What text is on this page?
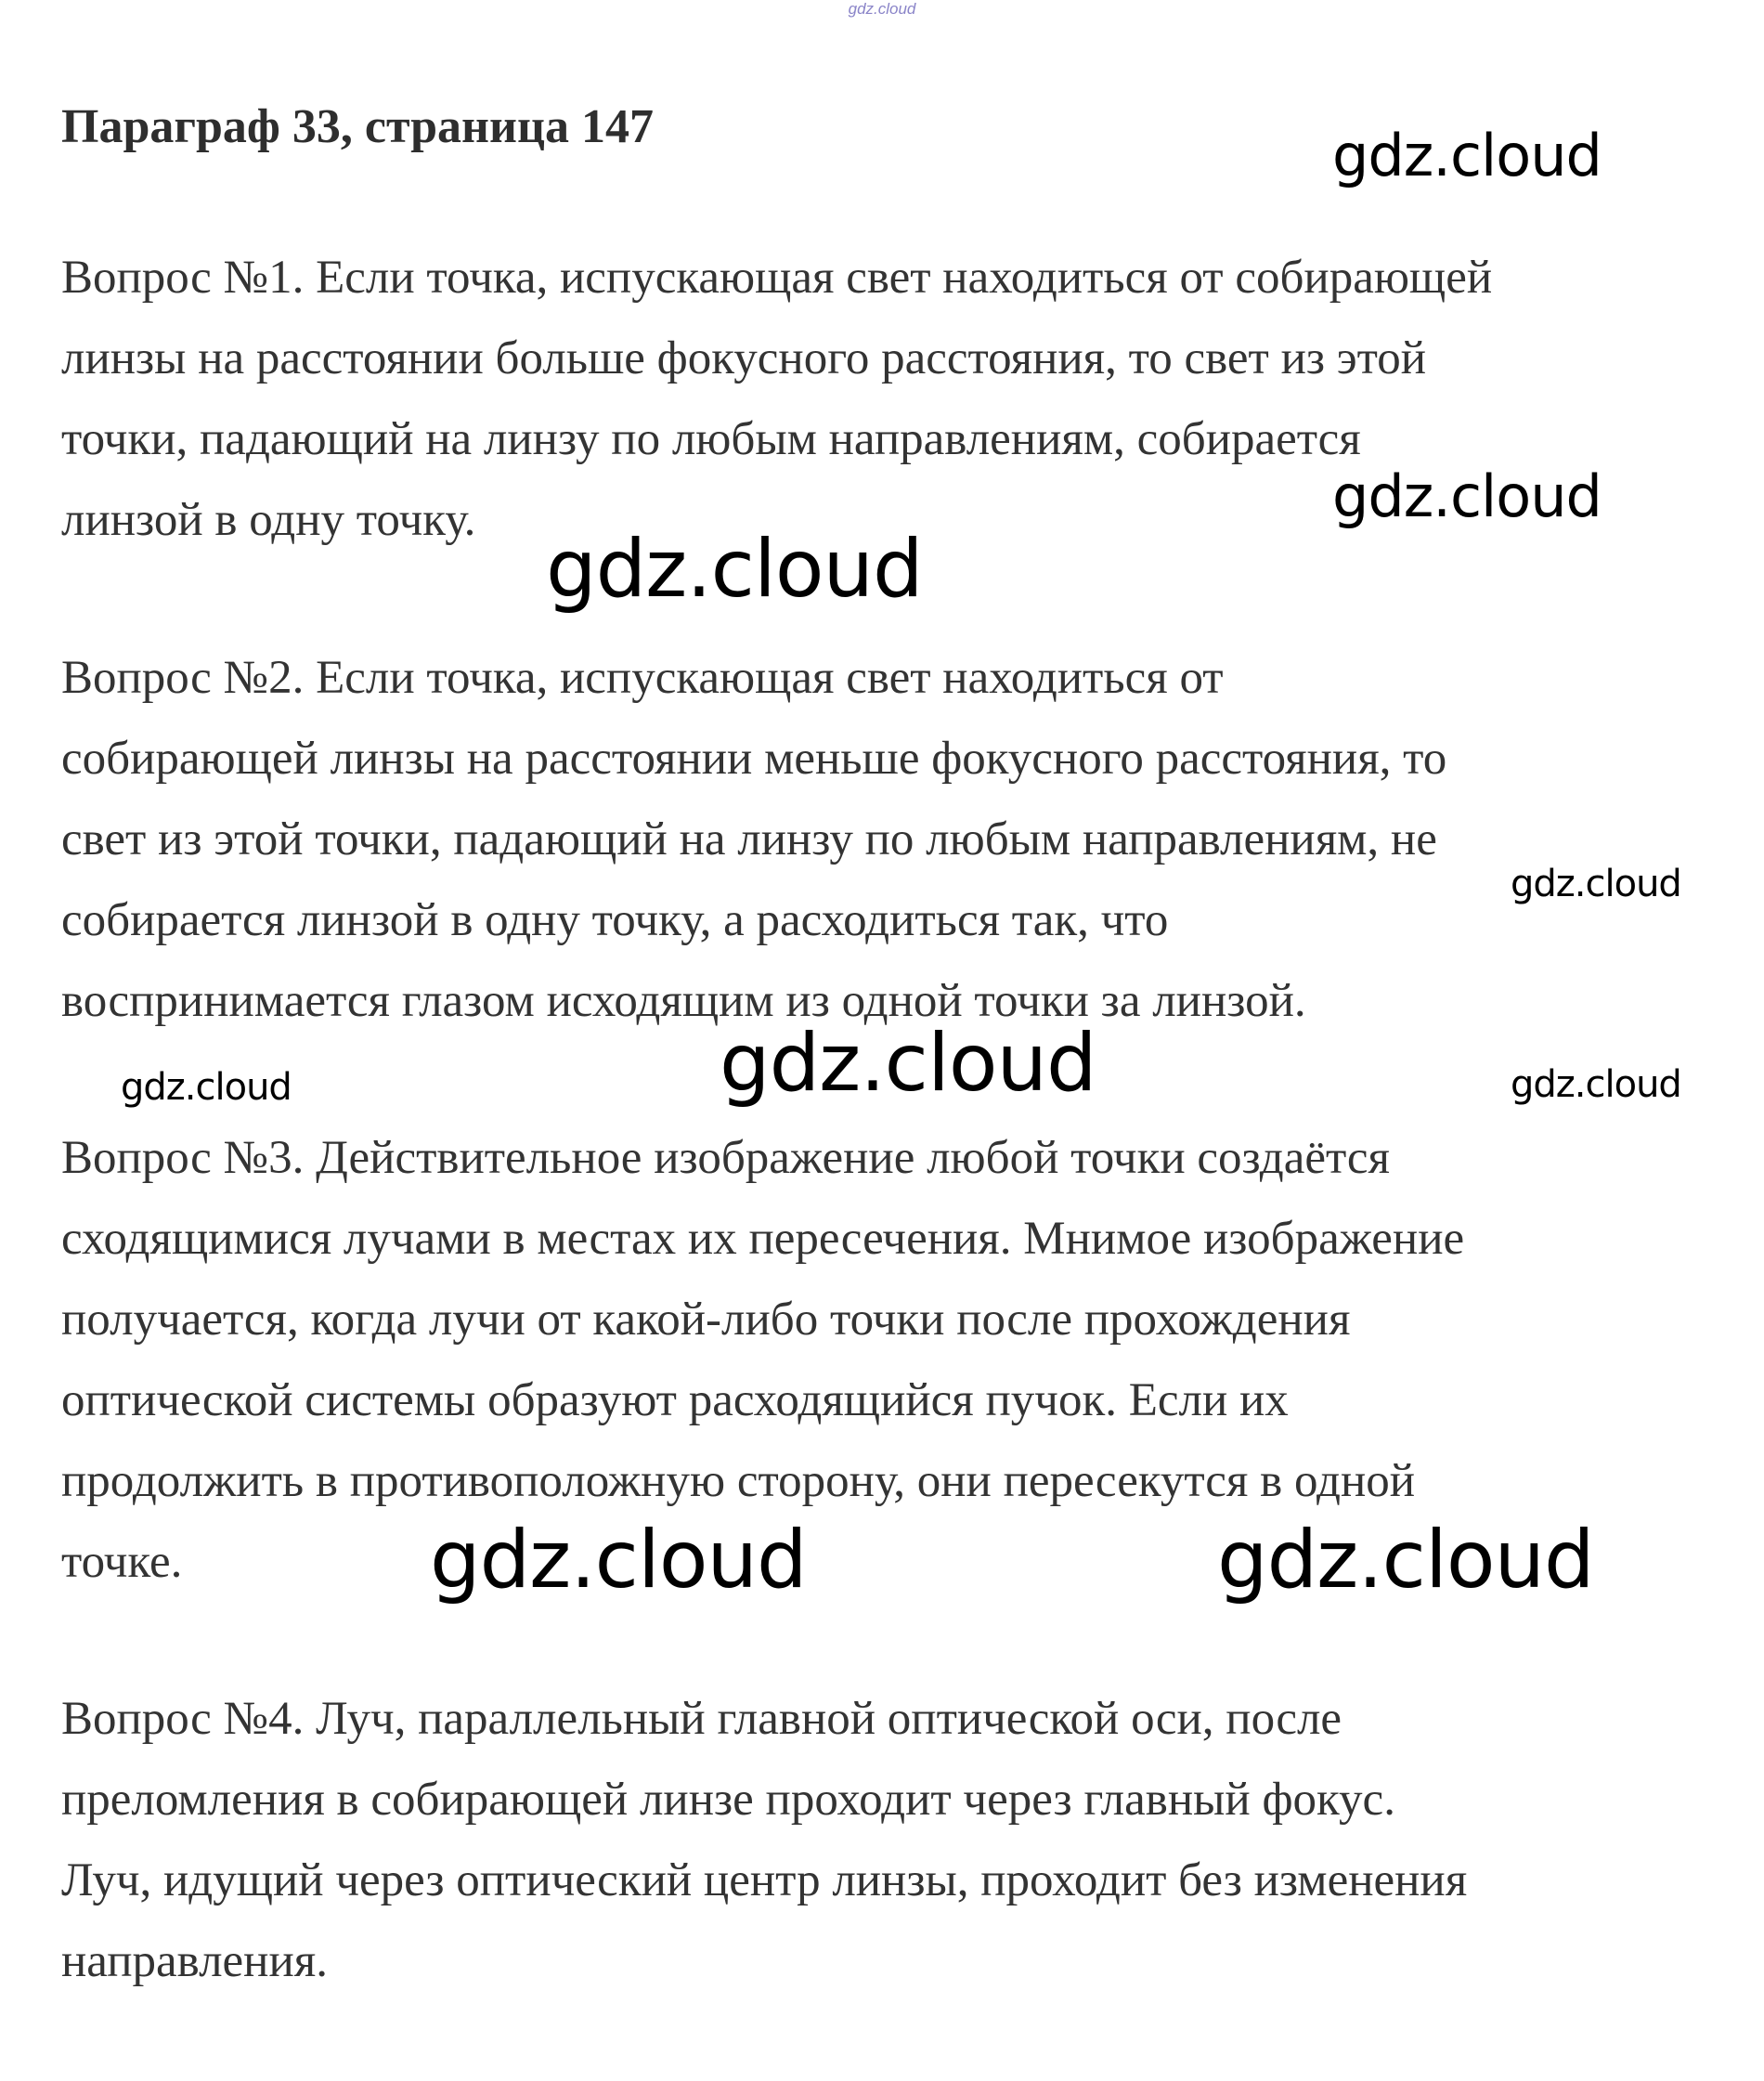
gdz.cloud
Параграф 33, страница 147
Вопрос №1. Если точка, испускающая свет находиться от собирающей
линзы на расстоянии больше фокусного расстояния, то свет из этой
точки, падающий на линзу по любым направлениям, собирается
линзой в одну точку.
Вопрос №2. Если точка, испускающая свет находиться от
собирающей линзы на расстоянии меньше фокусного расстояния, то
свет из этой точки, падающий на линзу по любым направлениям, не
собирается линзой в одну точку, а расходиться так, что
воспринимается глазом исходящим из одной точки за линзой.
Вопрос №3. Действительное изображение любой точки создаётся
сходящимися лучами в местах их пересечения. Мнимое изображение
получается, когда лучи от какой-либо точки после прохождения
оптической системы образуют расходящийся пучок. Если их
продолжить в противоположную сторону, они пересекутся в одной
точке.
Вопрос №4. Луч, параллельный главной оптической оси, после
преломления в собирающей линзе проходит через главный фокус.
Луч, идущий через оптический центр линзы, проходит без изменения
направления.
gdz.cloud
gdz.cloud
gdz.cloud
gdz.cloud
gdz.cloud
gdz.cloud	gdz.cloud
gdz.cloud	gdz.cloud
